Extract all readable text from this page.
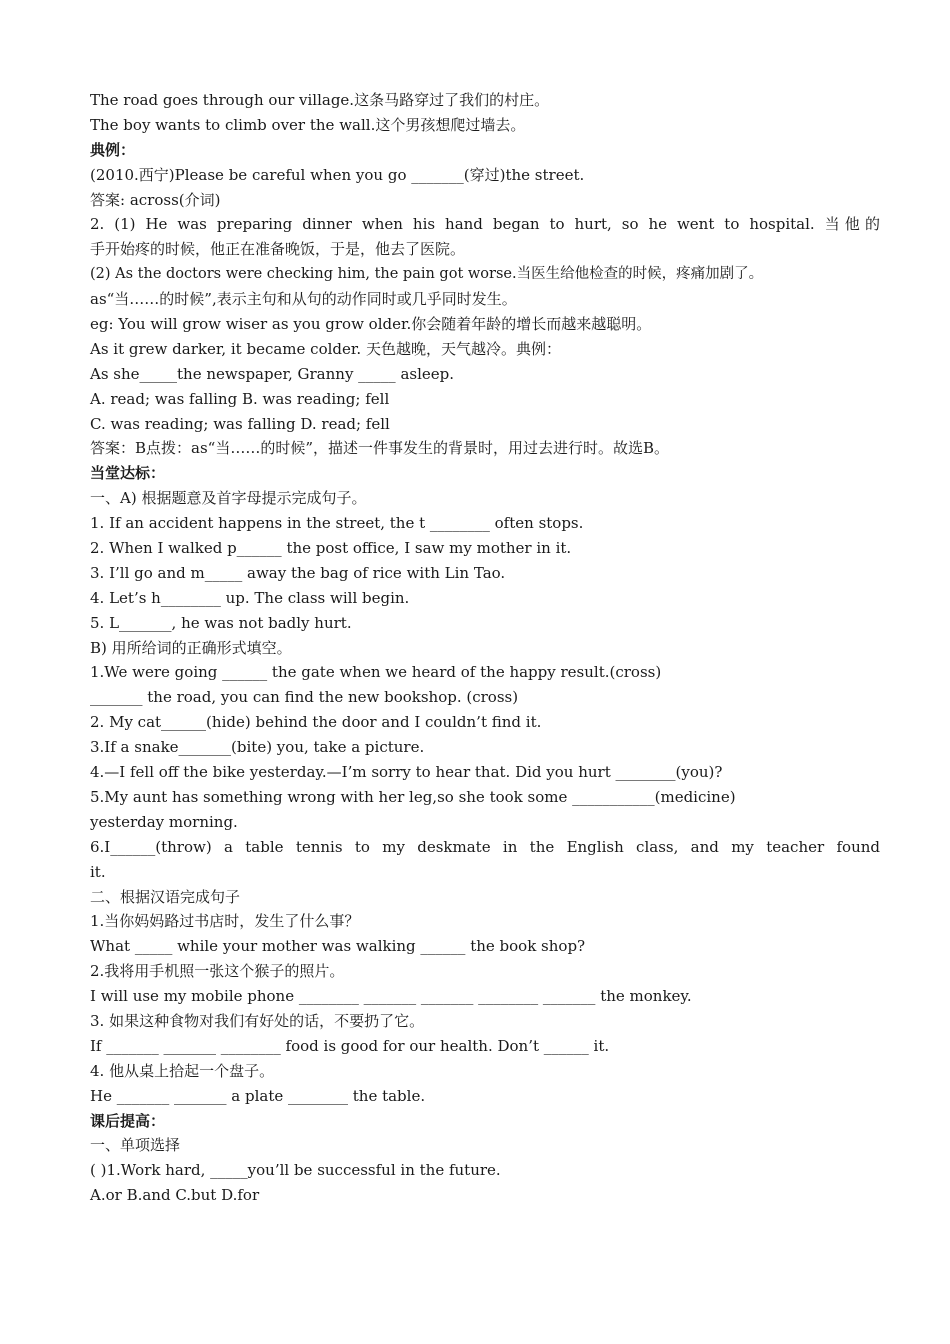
The road goes through our village.这条马路穿过了我们的村庄。
The boy wants to climb over the wall.这个男孩想爬过墙去。
典例：
(2010.西宁)Please be careful when you go _______(穿过)the street.
答案: across(介词)
2. (1) He was preparing dinner when his hand began to hurt, so he went to hospital. 当他的
手开始疼的时候，他正在准备晚饭，于是，他去了医院。
(2) As the doctors were checking him, the pain got worse.当医生给他检查的时候，疼痛加剧了。
as“当……的时候”,表示主句和从句的动作同时或几乎同时发生。
eg: You will grow wiser as you grow older.你会随着年龄的增长而越来越聪明。
As it grew darker, it became colder. 天色越晚，天气越冷。典例：
As she_____the newspaper, Granny _____ asleep.
A. read; was falling B. was reading; fell
C. was reading; was falling D. read; fell
答案：B点拨：as“当……的时候”，描述一件事发生的背景时，用过去进行时。故选B。
当堂达标：
一、A) 根据题意及首字母提示完成句子。
1. If an accident happens in the street, the t ________ often stops.
2. When I walked p______ the post office, I saw my mother in it.
3. I’ll go and m_____ away the bag of rice with Lin Tao.
4. Let’s h________ up. The class will begin.
5. L_______, he was not badly hurt.
B) 用所给词的正确形式填空。
1.We were going ______ the gate when we heard of the happy result.(cross)
_______ the road, you can find the new bookshop. (cross)
2. My cat______(hide) behind the door and I couldn’t find it.
3.If a snake_______(bite) you, take a picture.
4.—I fell off the bike yesterday.—I’m sorry to hear that. Did you hurt ________(you)?
5.My aunt has something wrong with her leg,so she took some ___________(medicine)
yesterday morning.
6.I______(throw) a table tennis to my deskmate in the English class, and my teacher found
it.
二、根据汉语完成句子
1.当你妈妈路过书店时，发生了什么事？
What _____ while your mother was walking ______ the book shop?
2.我将用手机照一张这个猴子的照片。
I will use my mobile phone ________ _______ _______ ________ _______ the monkey.
3. 如果这种食物对我们有好处的话，不要扔了它。
If _______ _______ ________ food is good for our health. Don’t ______ it.
4. 他从桌上拾起一个盘子。
He _______ _______ a plate ________ the table.
课后提高：
一、单项选择
( )1.Work hard, _____you’ll be successful in the future.
A.or B.and C.but D.for
